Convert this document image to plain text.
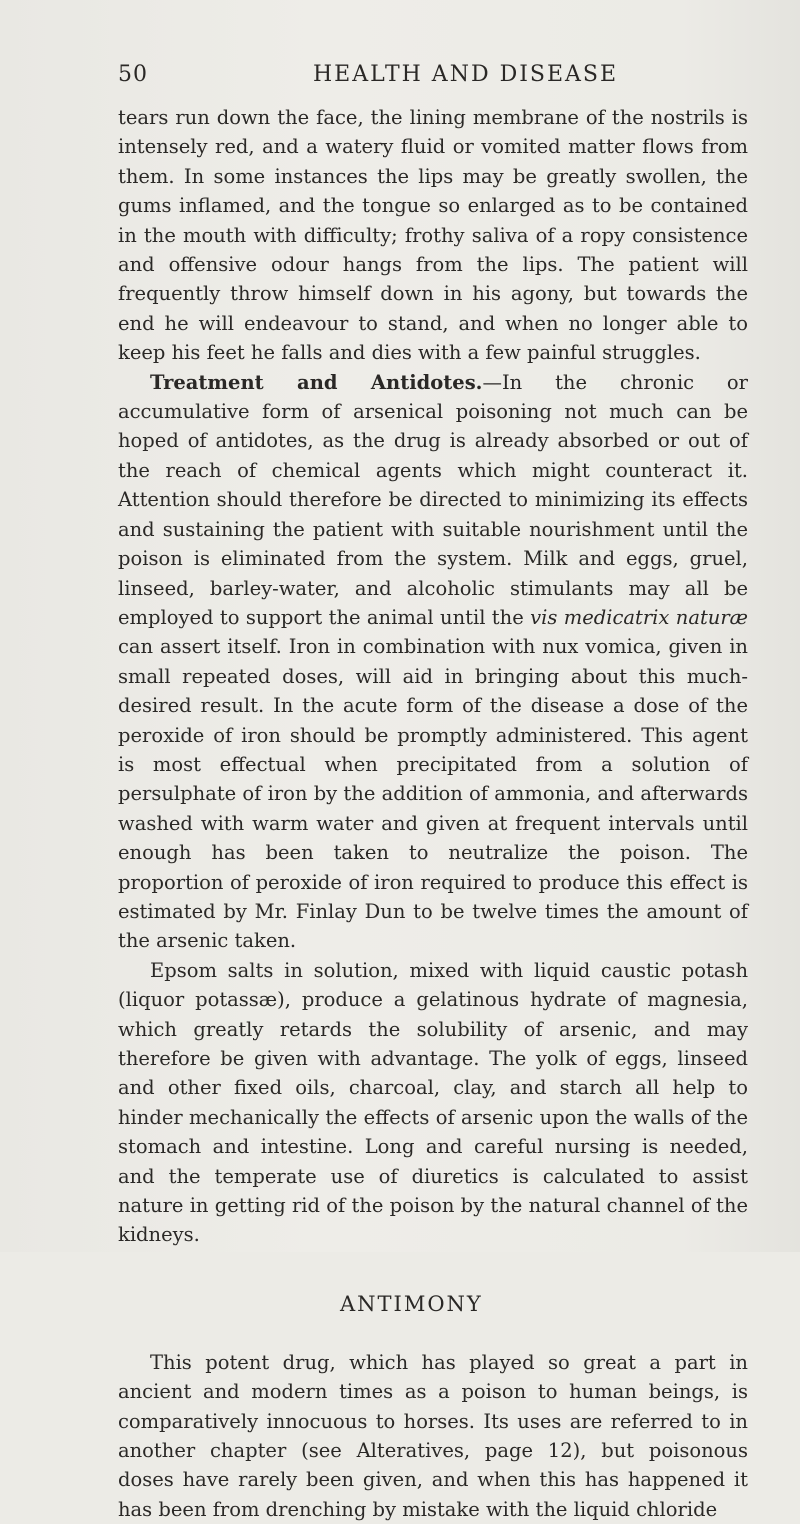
50	HEALTH AND DISEASE

tears run down the face, the lining membrane of the nostrils is intensely red, and a watery fluid or vomited matter flows from them. In some instances the lips may be greatly swollen, the gums inflamed, and the tongue so enlarged as to be contained in the mouth with difficulty; frothy saliva of a ropy consistence and offensive odour hangs from the lips. The patient will frequently throw himself down in his agony, but towards the end he will endeavour to stand, and when no longer able to keep his feet he falls and dies with a few painful struggles.

Treatment and Antidotes.—In the chronic or accumulative form of arsenical poisoning not much can be hoped of antidotes, as the drug is already absorbed or out of the reach of chemical agents which might counteract it. Attention should therefore be directed to minimizing its effects and sustaining the patient with suitable nourishment until the poison is eliminated from the system. Milk and eggs, gruel, linseed, barley-water, and alcoholic stimulants may all be employed to support the animal until the vis medicatrix naturæ can assert itself. Iron in combination with nux vomica, given in small repeated doses, will aid in bringing about this much-desired result. In the acute form of the disease a dose of the peroxide of iron should be promptly administered. This agent is most effectual when precipitated from a solution of persulphate of iron by the addition of ammonia, and afterwards washed with warm water and given at frequent intervals until enough has been taken to neutralize the poison. The proportion of peroxide of iron required to produce this effect is estimated by Mr. Finlay Dun to be twelve times the amount of the arsenic taken.

Epsom salts in solution, mixed with liquid caustic potash (liquor potassæ), produce a gelatinous hydrate of magnesia, which greatly retards the solubility of arsenic, and may therefore be given with advantage. The yolk of eggs, linseed and other fixed oils, charcoal, clay, and starch all help to hinder mechanically the effects of arsenic upon the walls of the stomach and intestine. Long and careful nursing is needed, and the temperate use of diuretics is calculated to assist nature in getting rid of the poison by the natural channel of the kidneys.

ANTIMONY

This potent drug, which has played so great a part in ancient and modern times as a poison to human beings, is comparatively innocuous to horses. Its uses are referred to in another chapter (see Alteratives, page 12), but poisonous doses have rarely been given, and when this has happened it has been from drenching by mistake with the liquid chloride
